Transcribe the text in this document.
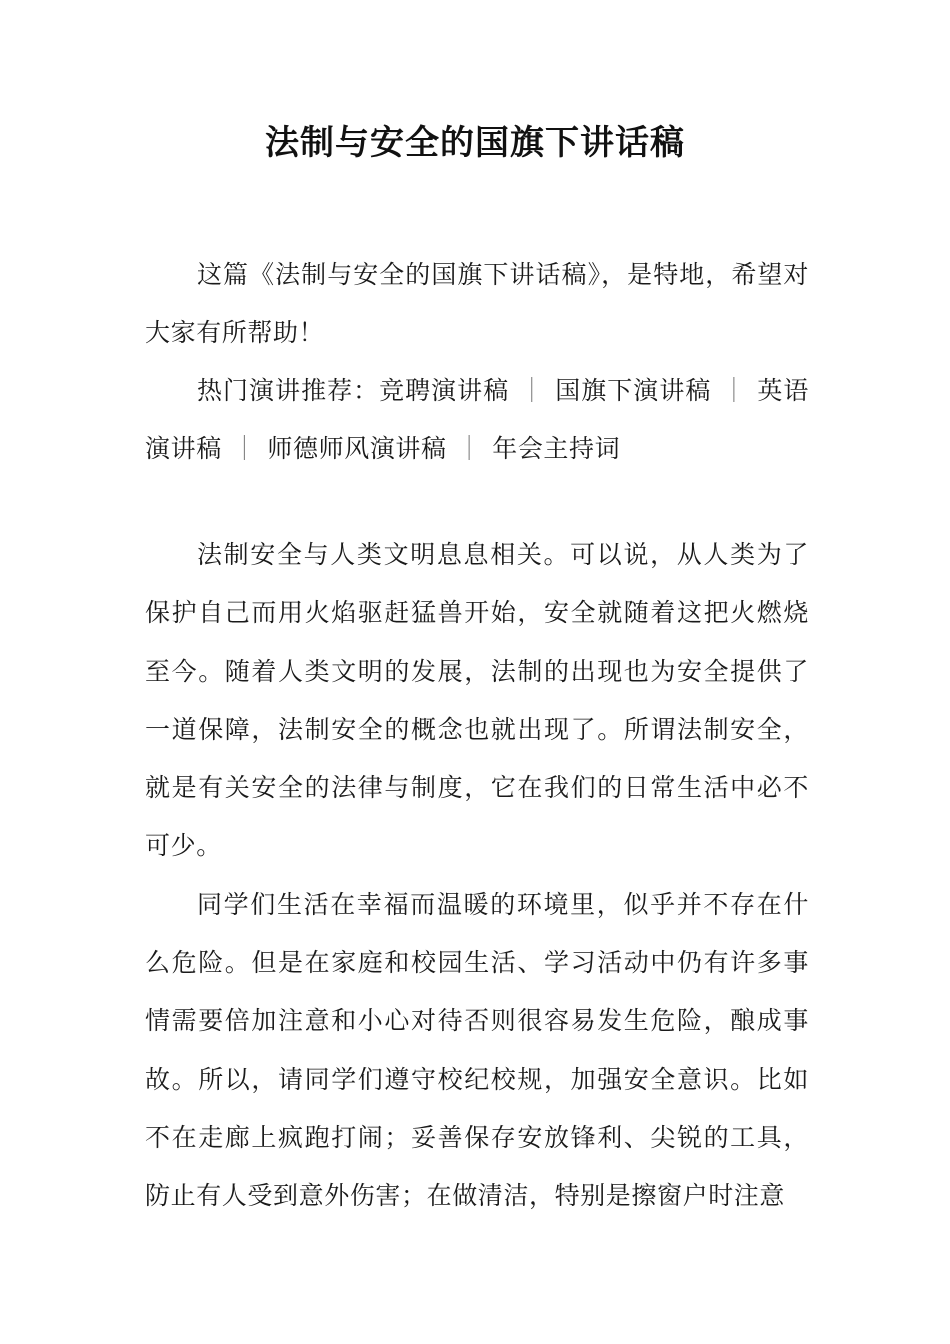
法制与安全的国旗下讲话稿

这篇《法制与安全的国旗下讲话稿》，是特地，希望对大家有所帮助！

热门演讲推荐：竞聘演讲稿 ｜ 国旗下演讲稿 ｜ 英语演讲稿 ｜ 师德师风演讲稿 ｜ 年会主持词

法制安全与人类文明息息相关。可以说，从人类为了保护自己而用火焰驱赶猛兽开始，安全就随着这把火燃烧至今。随着人类文明的发展，法制的出现也为安全提供了一道保障，法制安全的概念也就出现了。所谓法制安全，就是有关安全的法律与制度，它在我们的日常生活中必不可少。

同学们生活在幸福而温暖的环境里，似乎并不存在什么危险。但是在家庭和校园生活、学习活动中仍有许多事情需要倍加注意和小心对待否则很容易发生危险，酿成事故。所以，请同学们遵守校纪校规，加强安全意识。比如不在走廊上疯跑打闹；妥善保存安放锋利、尖锐的工具，防止有人受到意外伤害；在做清洁，特别是擦窗户时注意
